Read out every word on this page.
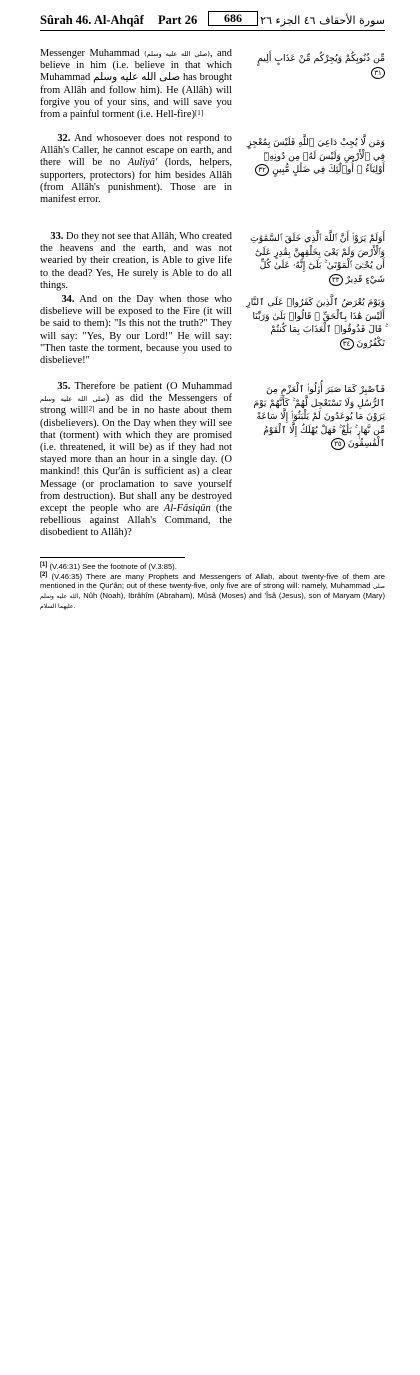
Sûrah 46. Al-Ahqâf Part 26	686	سورة الأحقاف ٤٦ الجزء ٢٦

Messenger Muhammad (صلى الله عليه وسلم), and believe in him (i.e. believe in that which Muhammad صلى الله عليه وسلم has brought from Allâh and follow him). He (Allâh) will forgive you of your sins, and will save you from a painful torment (i.e. Hell-fire)[1]

مِّن ذُنُوبِكُمْ وَيُجِرْكُم مِّنْ عَذَابٍ أَلِيمٍ ٣١

32. And whosoever does not respond to Allâh's Caller, he cannot escape on earth, and there will be no Auliyâ' (lords, helpers, supporters, protectors) for him besides Allâh (from Allâh's punishment). Those are in manifest error.

وَمَن لَّا يُجِبْ دَاعِيَ ٱللَّهِ فَلَيْسَ بِمُعْجِزٍ فِي ٱلْأَرْضِ وَلَيْسَ لَهُۥ مِن دُونِهِۦٓ أَوْلِيَآءُ ۚ أُو۟لَٰٓئِكَ فِي ضَلَٰلٍ مُّبِينٍ ٣٢

33. Do they not see that Allâh, Who created the heavens and the earth, and was not wearied by their creation, is Able to give life to the dead? Yes, He surely is Able to do all things.

أَوَلَمْ يَرَوْا۟ أَنَّ ٱللَّهَ ٱلَّذِي خَلَقَ ٱلسَّمَٰوَٰتِ وَٱلْأَرْضَ وَلَمْ يَعْىَ بِخَلْقِهِنَّ بِقَٰدِرٍ عَلَىٰٓ أَن يُحْـِۧىَ ٱلْمَوْتَىٰ ۚ بَلَىٰٓ إِنَّهُۥ عَلَىٰ كُلِّ شَيْءٍ قَدِيرٌ ٣٣

34. And on the Day when those who disbelieve will be exposed to the Fire (it will be said to them): "Is this not the truth?" They will say: "Yes, By our Lord!" He will say: "Then taste the torment, because you used to disbelieve!"

وَيَوْمَ يُعْرَضُ ٱلَّذِينَ كَفَرُوا۟ عَلَى ٱلنَّارِ أَلَيْسَ هَٰذَا بِٱلْحَقِّ ۖ قَالُوا۟ بَلَىٰ وَرَبِّنَا ۚ قَالَ فَذُوقُوا۟ ٱلْعَذَابَ بِمَا كُنتُمْ تَكْفُرُونَ ٣٤

35. Therefore be patient (O Muhammad صلى الله عليه وسلم) as did the Messengers of strong will[2] and be in no haste about them (disbelievers). On the Day when they will see that (torment) with which they are promised (i.e. threatened, it will be) as if they had not stayed more than an hour in a single day. (O mankind! this Qur'ân is sufficient as) a clear Message (or proclamation to save yourself from destruction). But shall any be destroyed except the people who are Al-Fâsiqûn (the rebellious against Allah's Command, the disobedient to Allâh)?

فَٱصْبِرْ كَمَا صَبَرَ أُو۟لُوا۟ ٱلْعَزْمِ مِنَ ٱلرُّسُلِ وَلَا تَسْتَعْجِل لَّهُمْ ۚ كَأَنَّهُمْ يَوْمَ يَرَوْنَ مَا يُوعَدُونَ لَمْ يَلْبَثُوٓا۟ إِلَّا سَاعَةً مِّن نَّهَارٍۭ ۚ بَلَٰغٌ ۚ فَهَلْ يُهْلَكُ إِلَّا ٱلْقَوْمُ ٱلْفَٰسِقُونَ ٣٥

[1] (V.46:31) See the footnote of (V.3:85).

[2] (V.46:35) There are many Prophets and Messengers of Allah, about twenty-five of them are mentioned in the Qur'ân; out of these twenty-five, only five are of strong will: namely, Muhammad صلى الله عليه وسلم, Nûh (Noah), Ibrâhîm (Abraham), Mûsâ (Moses) and 'Îsâ (Jesus), son of Maryam (Mary) عليهما السلام.
